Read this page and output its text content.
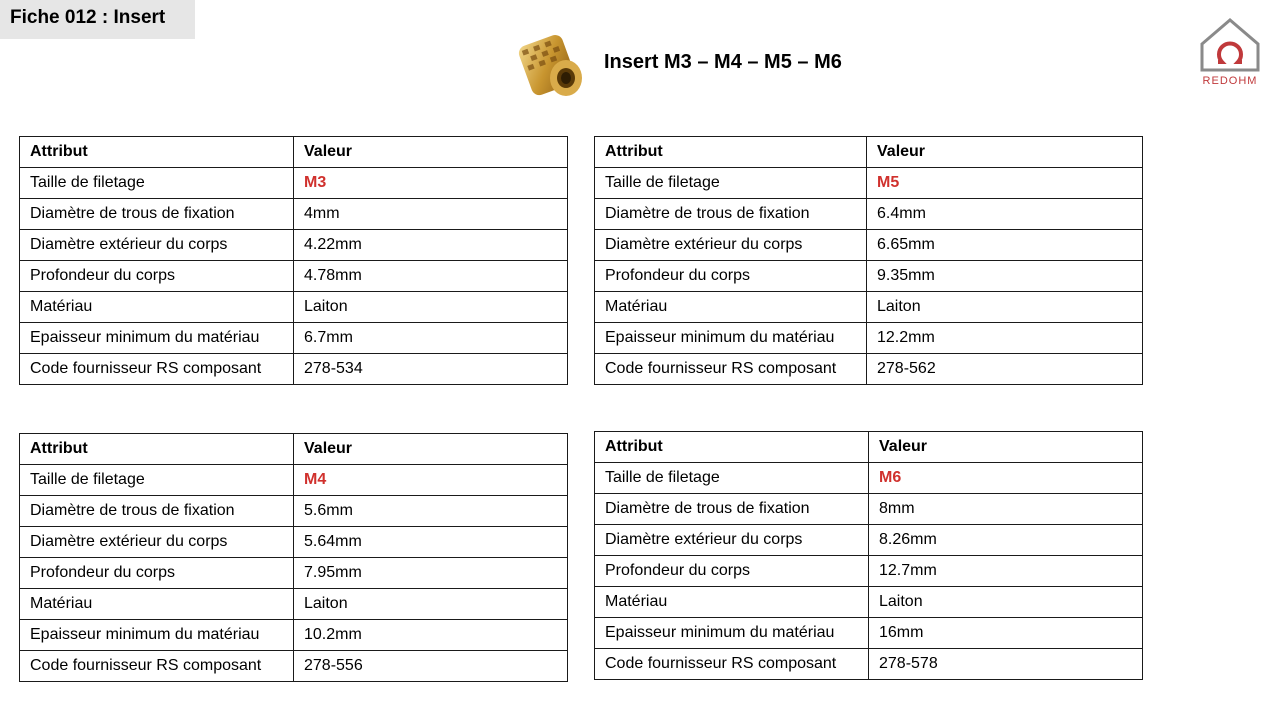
Fiche 012 : Insert
Insert M3 – M4 – M5 – M6
REDOHM
Attribut	Valeur
Taille de filetage	M3
Diamètre de trous de fixation	4mm
Diamètre extérieur du corps	4.22mm
Profondeur du corps	4.78mm
Matériau	Laiton
Epaisseur minimum du matériau	6.7mm
Code fournisseur RS composant	278-534
Attribut	Valeur
Taille de filetage	M5
Diamètre de trous de fixation	6.4mm
Diamètre extérieur du corps	6.65mm
Profondeur du corps	9.35mm
Matériau	Laiton
Epaisseur minimum du matériau	12.2mm
Code fournisseur RS composant	278-562
Attribut	Valeur
Taille de filetage	M4
Diamètre de trous de fixation	5.6mm
Diamètre extérieur du corps	5.64mm
Profondeur du corps	7.95mm
Matériau	Laiton
Epaisseur minimum du matériau	10.2mm
Code fournisseur RS composant	278-556
Attribut	Valeur
Taille de filetage	M6
Diamètre de trous de fixation	8mm
Diamètre extérieur du corps	8.26mm
Profondeur du corps	12.7mm
Matériau	Laiton
Epaisseur minimum du matériau	16mm
Code fournisseur RS composant	278-578
